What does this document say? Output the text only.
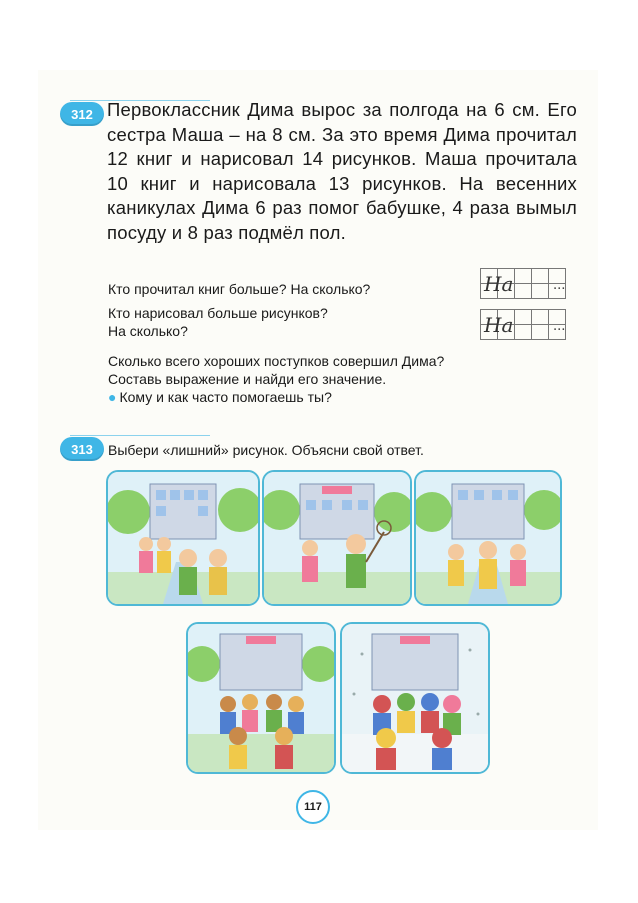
312 Первоклассник Дима вырос за полгода на 6 см. Его сестра Маша – на 8 см. За это время Дима прочитал 12 книг и нарисовал 14 рисунков. Маша прочитала 10 книг и нарисовала 13 рисунков. На весенних каникулах Дима 6 раз помог бабушке, 4 раза вымыл посуду и 8 раз подмёл пол.
Кто прочитал книг больше? На сколько?
Кто нарисовал больше рисунков?
На сколько?

На	...

На	...
Сколько всего хороших поступков совершил Дима?
Составь выражение и найди его значение.
● Кому и как часто помогаешь ты?
313	Выбери «лишний» рисунок. Объясни свой ответ.
117
